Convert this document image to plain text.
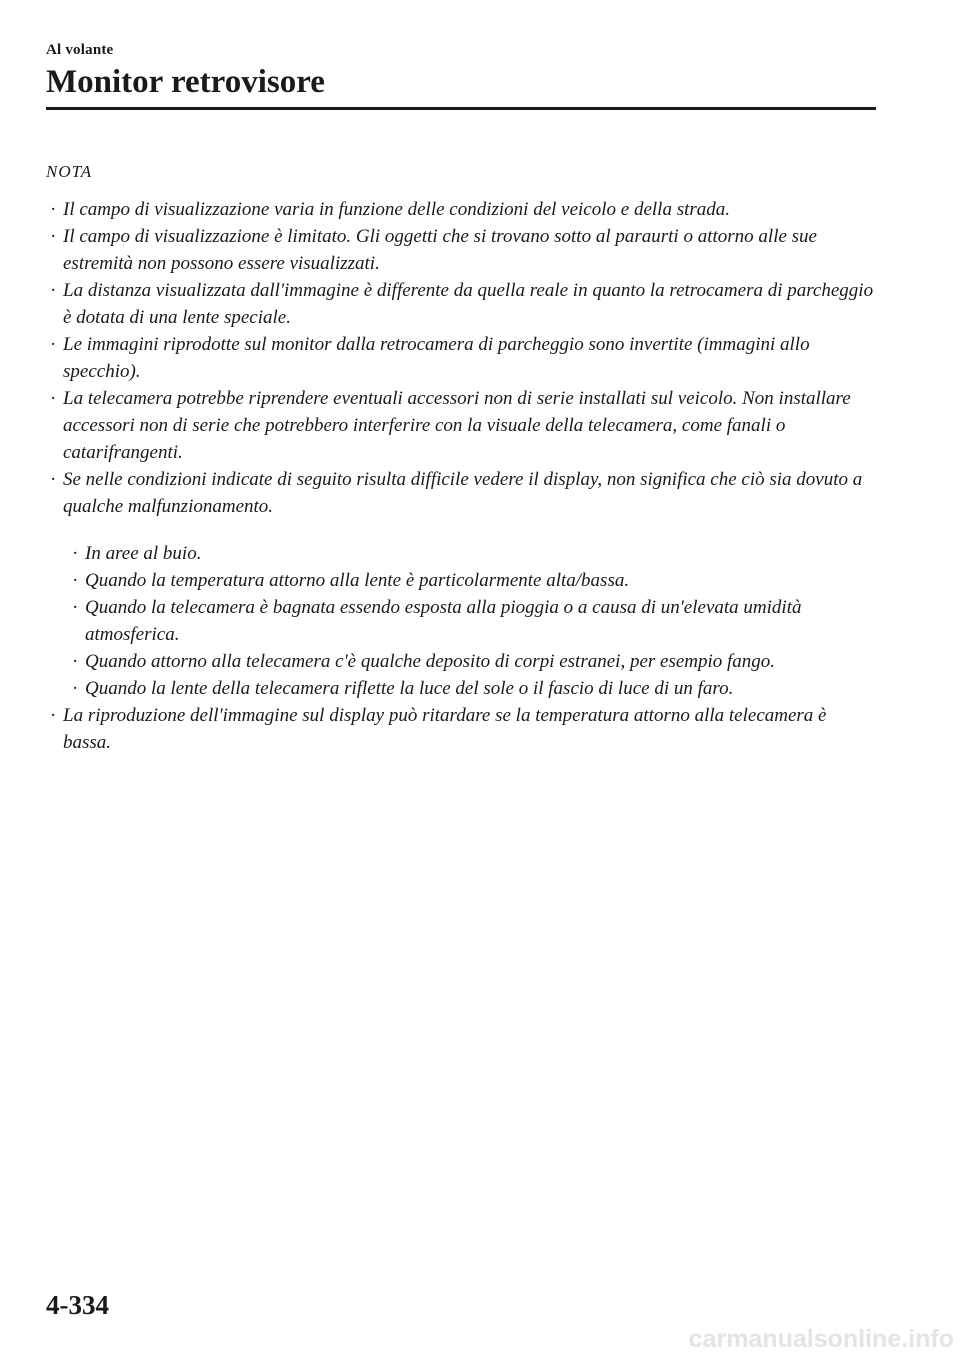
Al volante
Monitor retrovisore
NOTA
· Il campo di visualizzazione varia in funzione delle condizioni del veicolo e della strada.
· Il campo di visualizzazione è limitato. Gli oggetti che si trovano sotto al paraurti o attorno alle sue estremità non possono essere visualizzati.
· La distanza visualizzata dall'immagine è differente da quella reale in quanto la retrocamera di parcheggio è dotata di una lente speciale.
· Le immagini riprodotte sul monitor dalla retrocamera di parcheggio sono invertite (immagini allo specchio).
· La telecamera potrebbe riprendere eventuali accessori non di serie installati sul veicolo. Non installare accessori non di serie che potrebbero interferire con la visuale della telecamera, come fanali o catarifrangenti.
· Se nelle condizioni indicate di seguito risulta difficile vedere il display, non significa che ciò sia dovuto a qualche malfunzionamento.
· In aree al buio.
· Quando la temperatura attorno alla lente è particolarmente alta/bassa.
· Quando la telecamera è bagnata essendo esposta alla pioggia o a causa di un'elevata umidità atmosferica.
· Quando attorno alla telecamera c'è qualche deposito di corpi estranei, per esempio fango.
· Quando la lente della telecamera riflette la luce del sole o il fascio di luce di un faro.
· La riproduzione dell'immagine sul display può ritardare se la temperatura attorno alla telecamera è bassa.
4-334
carmanualsonline.info
